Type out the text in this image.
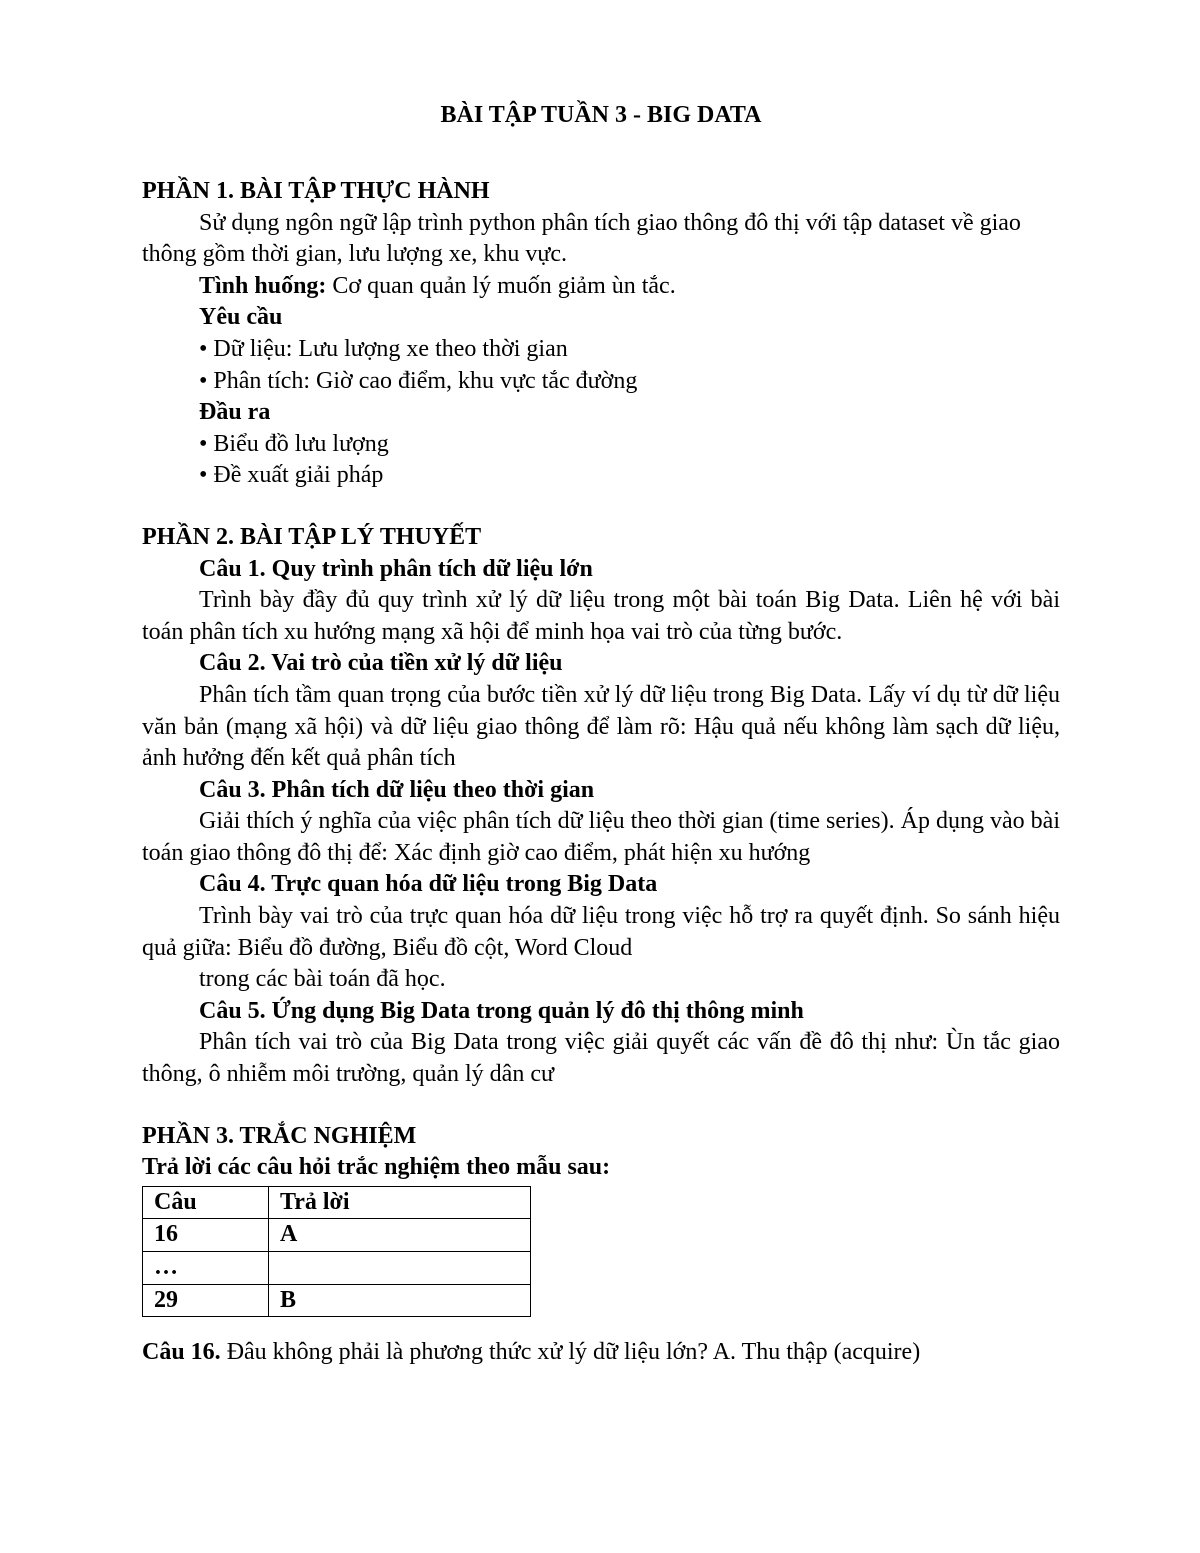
BÀI TẬP TUẦN 3 - BIG DATA

PHẦN 1. BÀI TẬP THỰC HÀNH

Sử dụng ngôn ngữ lập trình python phân tích giao thông đô thị với tập dataset về giao thông gồm thời gian, lưu lượng xe, khu vực.

Tình huống: Cơ quan quản lý muốn giảm ùn tắc.

Yêu cầu

• Dữ liệu: Lưu lượng xe theo thời gian

• Phân tích: Giờ cao điểm, khu vực tắc đường

Đầu ra

• Biểu đồ lưu lượng

• Đề xuất giải pháp

PHẦN 2. BÀI TẬP LÝ THUYẾT

Câu 1. Quy trình phân tích dữ liệu lớn

Trình bày đầy đủ quy trình xử lý dữ liệu trong một bài toán Big Data. Liên hệ với bài toán phân tích xu hướng mạng xã hội để minh họa vai trò của từng bước.

Câu 2. Vai trò của tiền xử lý dữ liệu

Phân tích tầm quan trọng của bước tiền xử lý dữ liệu trong Big Data. Lấy ví dụ từ dữ liệu văn bản (mạng xã hội) và dữ liệu giao thông để làm rõ: Hậu quả nếu không làm sạch dữ liệu, ảnh hưởng đến kết quả phân tích

Câu 3. Phân tích dữ liệu theo thời gian

Giải thích ý nghĩa của việc phân tích dữ liệu theo thời gian (time series). Áp dụng vào bài toán giao thông đô thị để: Xác định giờ cao điểm, phát hiện xu hướng

Câu 4. Trực quan hóa dữ liệu trong Big Data

Trình bày vai trò của trực quan hóa dữ liệu trong việc hỗ trợ ra quyết định. So sánh hiệu quả giữa: Biểu đồ đường, Biểu đồ cột, Word Cloud

trong các bài toán đã học.

Câu 5. Ứng dụng Big Data trong quản lý đô thị thông minh

Phân tích vai trò của Big Data trong việc giải quyết các vấn đề đô thị như: Ùn tắc giao thông, ô nhiễm môi trường, quản lý dân cư

PHẦN 3. TRẮC NGHIỆM

Trả lời các câu hỏi trắc nghiệm theo mẫu sau:

Câu	Trả lời
16	A
…	
29	B

Câu 16. Đâu không phải là phương thức xử lý dữ liệu lớn? A. Thu thập (acquire)
